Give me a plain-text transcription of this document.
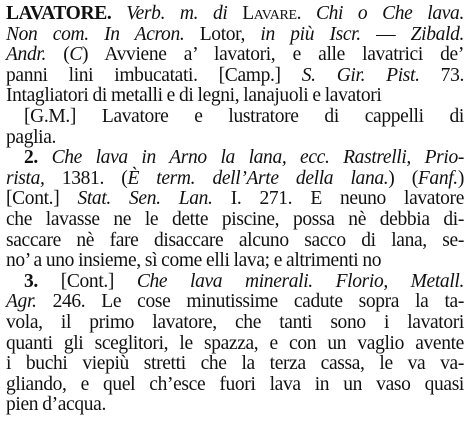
LAVATORE. Verb. m. di Lavare. Chi o Che lava.
Non com. In Acron. Lotor, in più Iscr. — Zibald.
Andr. (C) Avviene a’ lavatori, e alle lavatrici de’
panni lini imbucatati. [Camp.] S. Gir. Pist. 73.
Intagliatori di metalli e di legni, lanajuoli e lavatori
[G.M.] Lavatore e lustratore di cappelli di
paglia.
2. Che lava in Arno la lana, ecc. Rastrelli, Prio-
rista, 1381. (È term. dell’Arte della lana.) (Fanf.)
[Cont.] Stat. Sen. Lan. I. 271. E neuno lavatore
che lavasse ne le dette piscine, possa nè debbia di-
saccare nè fare disaccare alcuno sacco di lana, se-
no’ a uno insieme, sì come elli lava; e altrimenti no
3. [Cont.] Che lava minerali. Florio, Metall.
Agr. 246. Le cose minutissime cadute sopra la ta-
vola, il primo lavatore, che tanti sono i lavatori
quanti gli sceglitori, le spazza, e con un vaglio avente
i buchi viepiù stretti che la terza cassa, le va va-
gliando, e quel ch’esce fuori lava in un vaso quasi
pien d’acqua.
